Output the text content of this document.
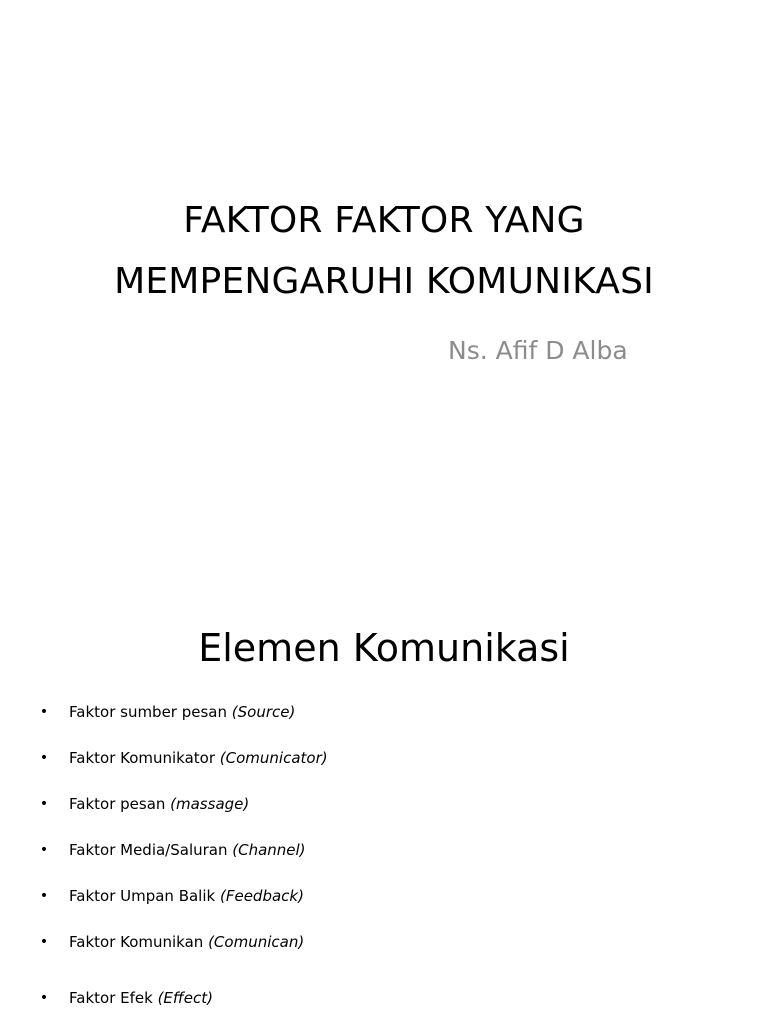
FAKTOR FAKTOR YANG
MEMPENGARUHI KOMUNIKASI

Ns. Afif D Alba

Elemen Komunikasi
• Faktor sumber pesan (Source)
• Faktor Komunikator (Comunicator)
• Faktor pesan (massage)
• Faktor Media/Saluran (Channel)
• Faktor Umpan Balik (Feedback)
• Faktor Komunikan (Comunican)
• Faktor Efek (Effect)
